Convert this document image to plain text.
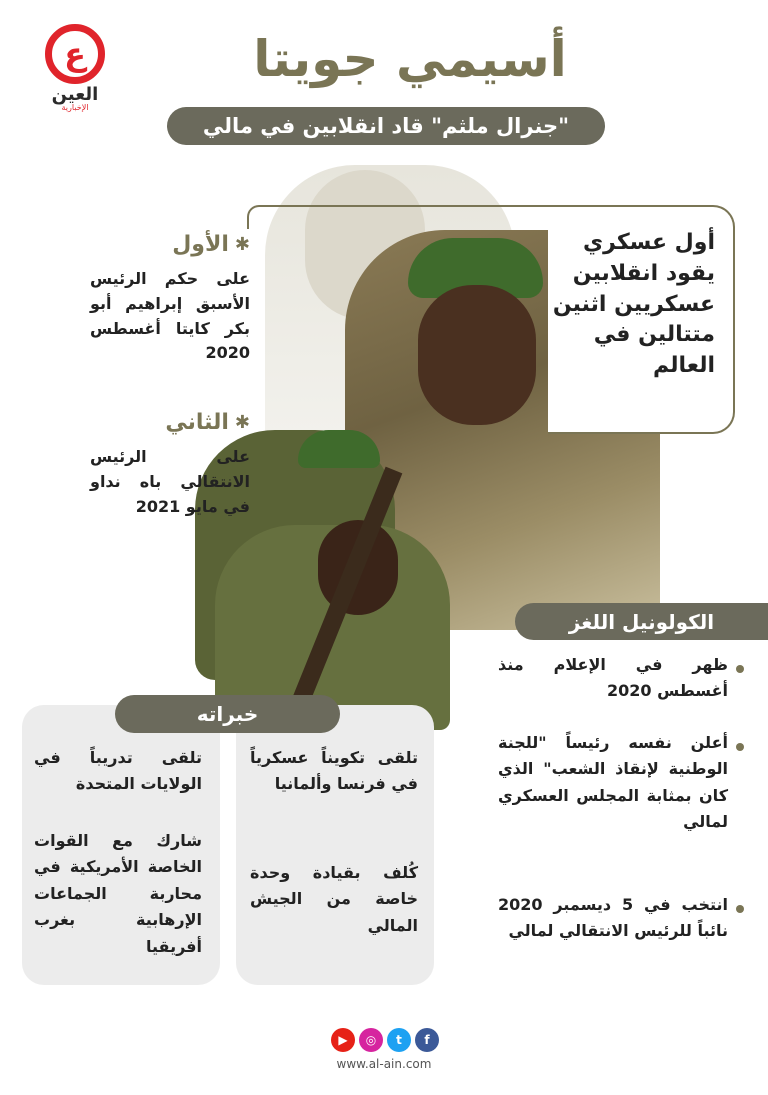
ع
العين
الإخبارية
أسيمي جويتا
"جنرال ملثم" قاد انقلابين في مالي
أول عسكري يقود انقلابين عسكريين اثنين متتالين في العالم
✱
الأول
على حكم الرئيس الأسبق إبراهيم أبو بكر كايتا أغسطس 2020
✱
الثاني
على الرئيس الانتقالي باه نداو في مايو 2021
الكولونيل اللغز
ظهر في الإعلام منذ أغسطس 2020
أعلن نفسه رئيساً "للجنة الوطنية لإنقاذ الشعب" الذي كان بمثابة المجلس العسكري لمالي
انتخب في 5 ديسمبر 2020 نائباً للرئيس الانتقالي لمالي
خبراته
تلقى تكويناً عسكرياً في فرنسا وألمانيا
كُلف بقيادة وحدة خاصة من الجيش المالي
تلقى تدريباً في الولايات المتحدة
شارك مع القوات الخاصة الأمريكية في محاربة الجماعات الإرهابية بغرب أفريقيا
▶	◎	t	f
www.al-ain.com
